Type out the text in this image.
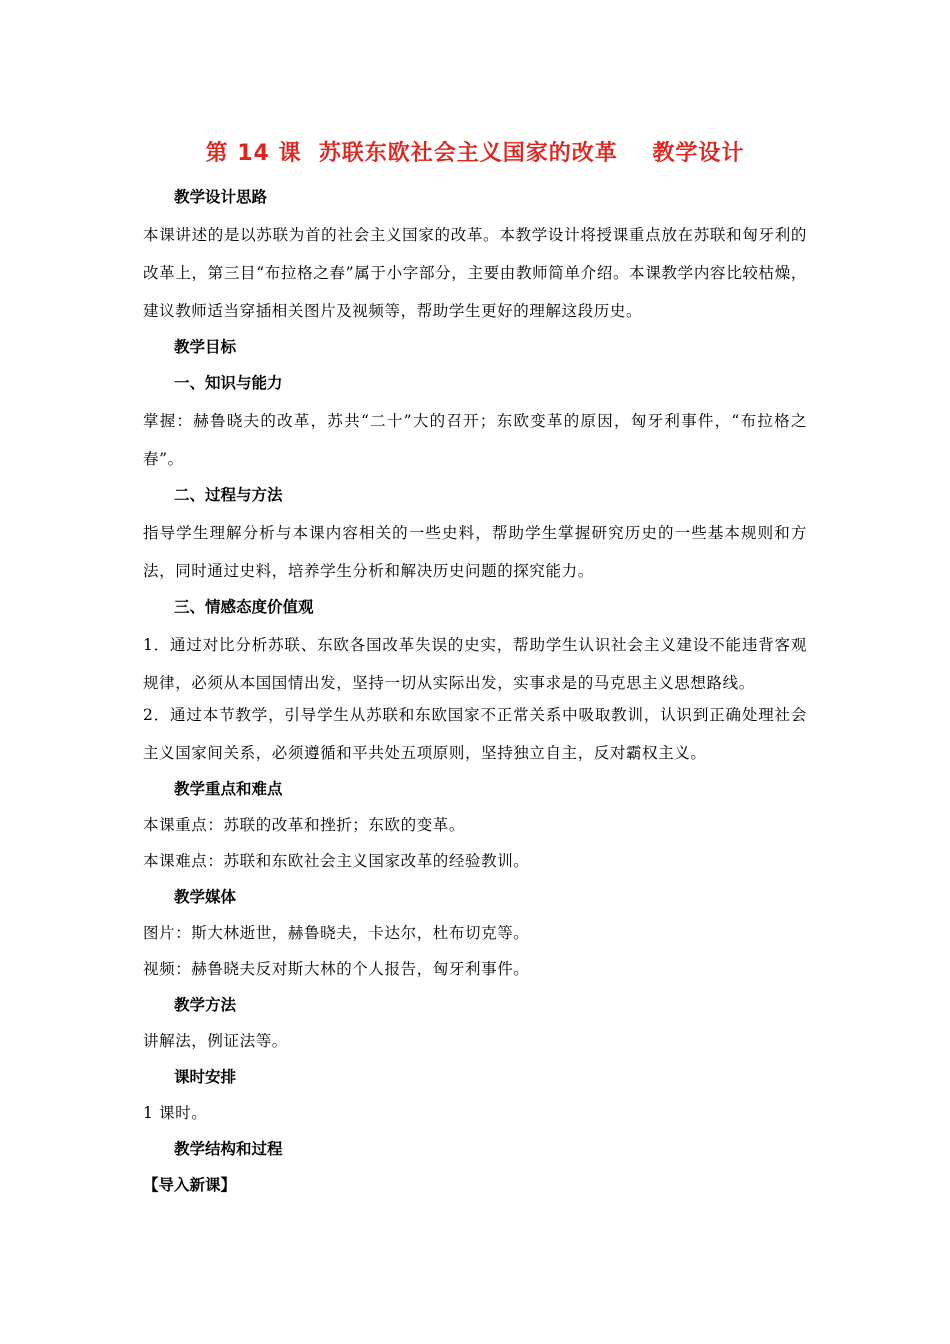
第 14 课  苏联东欧社会主义国家的改革    教学设计
教学设计思路
本课讲述的是以苏联为首的社会主义国家的改革。本教学设计将授课重点放在苏联和匈牙利的改革上，第三目“布拉格之春”属于小字部分，主要由教师简单介绍。本课教学内容比较枯燥，建议教师适当穿插相关图片及视频等，帮助学生更好的理解这段历史。
教学目标
一、知识与能力
掌握：赫鲁晓夫的改革，苏共“二十”大的召开；东欧变革的原因，匈牙利事件，“布拉格之春”。
二、过程与方法
指导学生理解分析与本课内容相关的一些史料，帮助学生掌握研究历史的一些基本规则和方法，同时通过史料，培养学生分析和解决历史问题的探究能力。
三、情感态度价值观
1．通过对比分析苏联、东欧各国改革失误的史实，帮助学生认识社会主义建设不能违背客观规律，必须从本国国情出发，坚持一切从实际出发，实事求是的马克思主义思想路线。
2．通过本节教学，引导学生从苏联和东欧国家不正常关系中吸取教训，认识到正确处理社会主义国家间关系，必须遵循和平共处五项原则，坚持独立自主，反对霸权主义。
教学重点和难点
本课重点：苏联的改革和挫折；东欧的变革。
本课难点：苏联和东欧社会主义国家改革的经验教训。
教学媒体
图片：斯大林逝世，赫鲁晓夫，卡达尔，杜布切克等。
视频：赫鲁晓夫反对斯大林的个人报告，匈牙利事件。
教学方法
讲解法，例证法等。
课时安排
1 课时。
教学结构和过程
【导入新课】
